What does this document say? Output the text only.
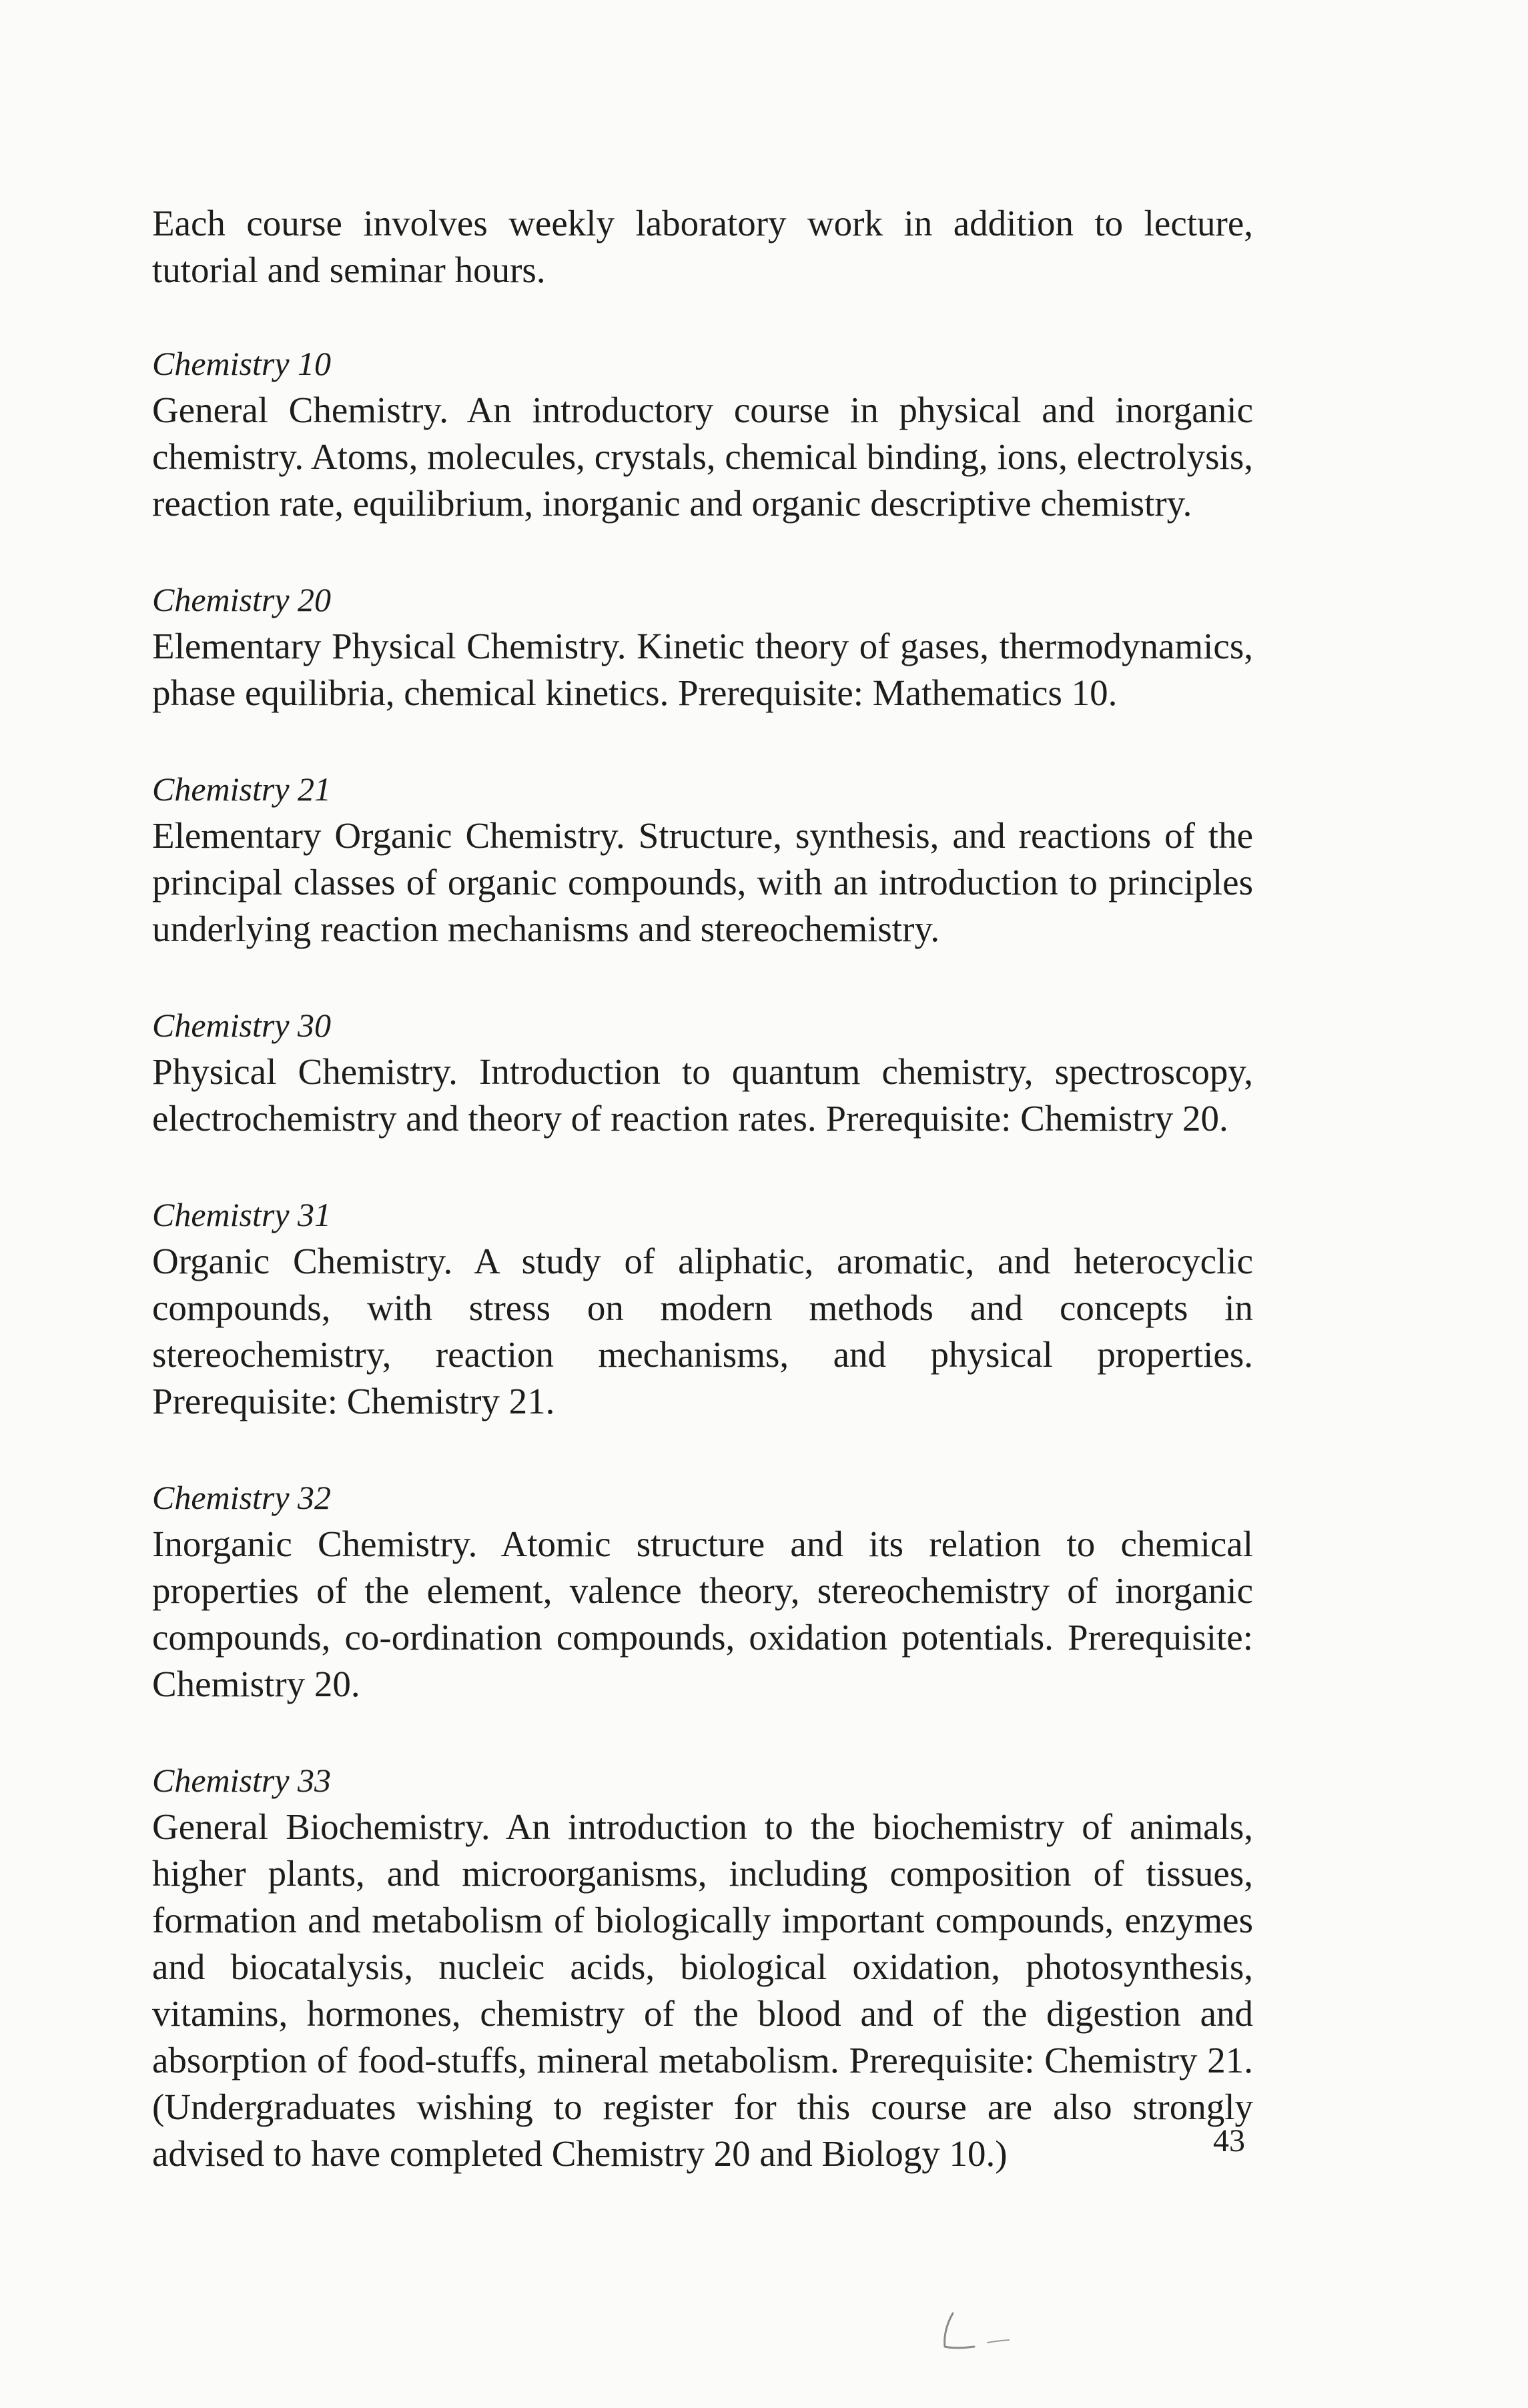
Each course involves weekly laboratory work in addition to lecture, tutorial and seminar hours.

Chemistry 10

General Chemistry. An introductory course in physical and inorganic chemistry. Atoms, molecules, crystals, chemical binding, ions, electrolysis, reaction rate, equilibrium, inorganic and organic descriptive chemistry.

Chemistry 20

Elementary Physical Chemistry. Kinetic theory of gases, thermodynamics, phase equilibria, chemical kinetics. Prerequisite: Mathematics 10.

Chemistry 21

Elementary Organic Chemistry. Structure, synthesis, and reactions of the principal classes of organic compounds, with an introduction to principles underlying reaction mechanisms and stereochemistry.

Chemistry 30

Physical Chemistry. Introduction to quantum chemistry, spectroscopy, electrochemistry and theory of reaction rates. Prerequisite: Chemistry 20.

Chemistry 31

Organic Chemistry. A study of aliphatic, aromatic, and heterocyclic compounds, with stress on modern methods and concepts in stereochemistry, reaction mechanisms, and physical properties. Prerequisite: Chemistry 21.

Chemistry 32

Inorganic Chemistry. Atomic structure and its relation to chemical properties of the element, valence theory, stereochemistry of inorganic compounds, co-ordination compounds, oxidation potentials. Prerequisite: Chemistry 20.

Chemistry 33

General Biochemistry. An introduction to the biochemistry of animals, higher plants, and microorganisms, including composition of tissues, formation and metabolism of biologically important compounds, enzymes and biocatalysis, nucleic acids, biological oxidation, photosynthesis, vitamins, hormones, chemistry of the blood and of the digestion and absorption of food-stuffs, mineral metabolism. Prerequisite: Chemistry 21. (Undergraduates wishing to register for this course are also strongly advised to have completed Chemistry 20 and Biology 10.)	43
